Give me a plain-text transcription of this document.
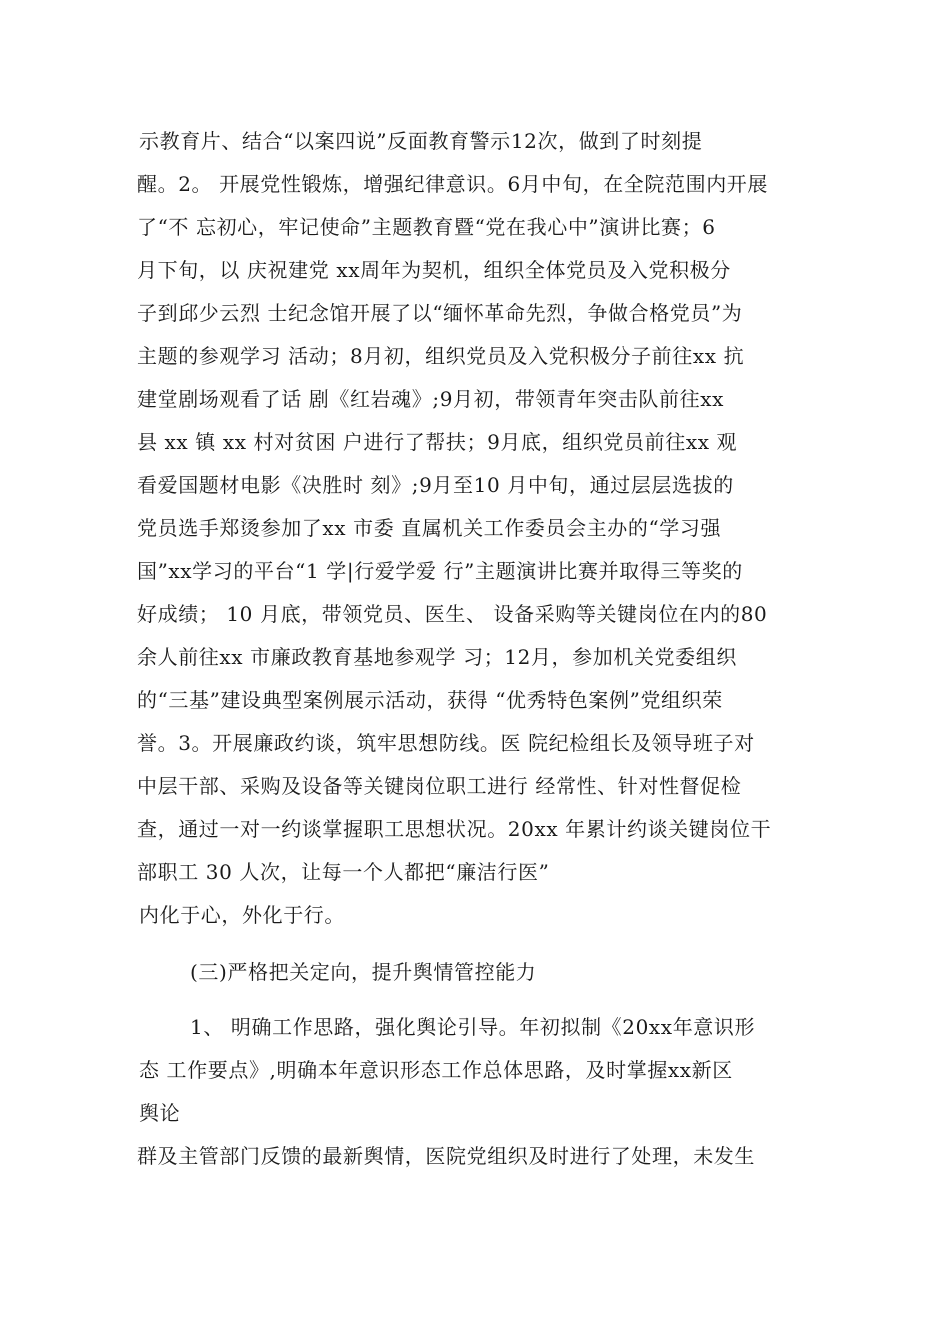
示教育片、结合“以案四说”反面教育警示12次，做到了时刻提
醒。2。 开展党性锻炼，增强纪律意识。6月中旬，在全院范围内开展
了“不 忘初心，牢记使命”主题教育暨“党在我心中”演讲比赛；6
月下旬，以 庆祝建党 xx周年为契机，组织全体党员及入党积极分
子到邱少云烈 士纪念馆开展了以“缅怀革命先烈，争做合格党员”为
主题的参观学习 活动；8月初，组织党员及入党积极分子前往xx 抗
建堂剧场观看了话 剧《红岩魂》;9月初，带领青年突击队前往xx
县 xx 镇 xx 村对贫困 户进行了帮扶；9月底，组织党员前往xx 观
看爱国题材电影《决胜时 刻》;9月至10 月中旬，通过层层选拔的
党员选手郑烫参加了xx 市委 直属机关工作委员会主办的“学习强
国”xx学习的平台“1 学|行爱学爱 行”主题演讲比赛并取得三等奖的
好成绩； 10 月底，带领党员、医生、 设备采购等关键岗位在内的80
余人前往xx 市廉政教育基地参观学 习；12月，参加机关党委组织
的“三基”建设典型案例展示活动，获得 “优秀特色案例”党组织荣
誉。3。开展廉政约谈，筑牢思想防线。医 院纪检组长及领导班子对
中层干部、采购及设备等关键岗位职工进行 经常性、针对性督促检
查，通过一对一约谈掌握职工思想状况。20xx 年累计约谈关键岗位干
部职工 30 人次，让每一个人都把“廉洁行医”
内化于心，外化于行。
(三)严格把关定向，提升舆情管控能力
1、 明确工作思路，强化舆论引导。年初拟制《20xx年意识形
态 工作要点》,明确本年意识形态工作总体思路，及时掌握xx新区
舆论
群及主管部门反馈的最新舆情，医院党组织及时进行了处理，未发生
